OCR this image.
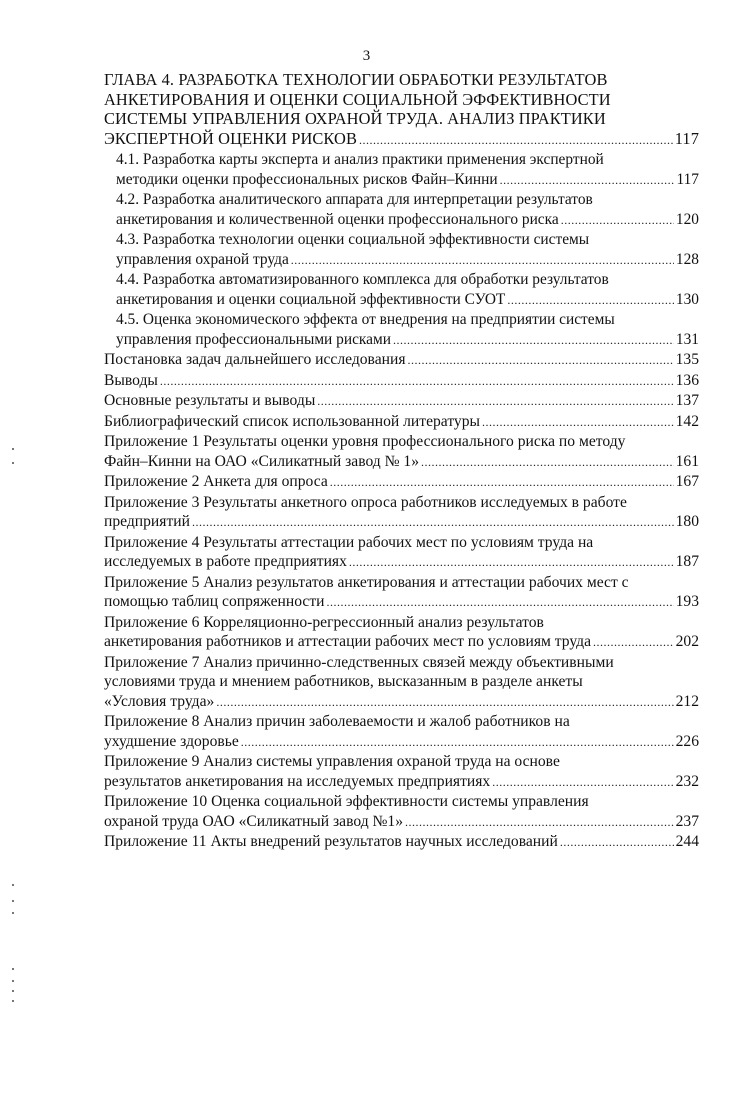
3
ГЛАВА 4. РАЗРАБОТКА ТЕХНОЛОГИИ ОБРАБОТКИ РЕЗУЛЬТАТОВ
АНКЕТИРОВАНИЯ И ОЦЕНКИ СОЦИАЛЬНОЙ ЭФФЕКТИВНОСТИ
СИСТЕМЫ УПРАВЛЕНИЯ ОХРАНОЙ ТРУДА. АНАЛИЗ ПРАКТИКИ
ЭКСПЕРТНОЙ ОЦЕНКИ РИСКОВ .....	117
4.1. Разработка карты эксперта и анализ практики применения экспертной
методики оценки профессиональных рисков Файн–Кинни .....	117
4.2. Разработка аналитического аппарата для интерпретации результатов
анкетирования и количественной оценки профессионального риска .....	120
4.3. Разработка технологии оценки социальной эффективности системы
управления охраной труда .....	128
4.4. Разработка автоматизированного комплекса для обработки результатов
анкетирования и оценки социальной эффективности СУОТ .....	130
4.5. Оценка экономического эффекта от внедрения на предприятии системы
управления профессиональными рисками .....	131
Постановка задач дальнейшего исследования .....	135
Выводы .....	136
Основные результаты и выводы .....	137
Библиографический список использованной литературы .....	142
Приложение 1 Результаты оценки уровня профессионального риска по методу
Файн–Кинни на ОАО «Силикатный завод № 1» .....	161
Приложение 2 Анкета для опроса .....	167
Приложение 3 Результаты анкетного опроса работников исследуемых в работе
предприятий .....	180
Приложение 4 Результаты аттестации рабочих мест по условиям труда на
исследуемых в работе предприятиях .....	187
Приложение 5 Анализ результатов анкетирования и аттестации рабочих мест с
помощью таблиц сопряженности .....	193
Приложение 6 Корреляционно-регрессионный анализ результатов
анкетирования работников и аттестации рабочих мест по условиям труда .....	202
Приложение 7 Анализ причинно-следственных связей между объективными
условиями труда и мнением работников, высказанным в разделе анкеты
«Условия труда» .....	212
Приложение 8 Анализ причин заболеваемости и жалоб работников на
ухудшение здоровье .....	226
Приложение 9 Анализ системы управления охраной труда на основе
результатов анкетирования на исследуемых предприятиях .....	232
Приложение 10 Оценка социальной эффективности системы управления
охраной труда ОАО «Силикатный завод №1» .....	237
Приложение 11 Акты внедрений результатов научных исследований .....	244
